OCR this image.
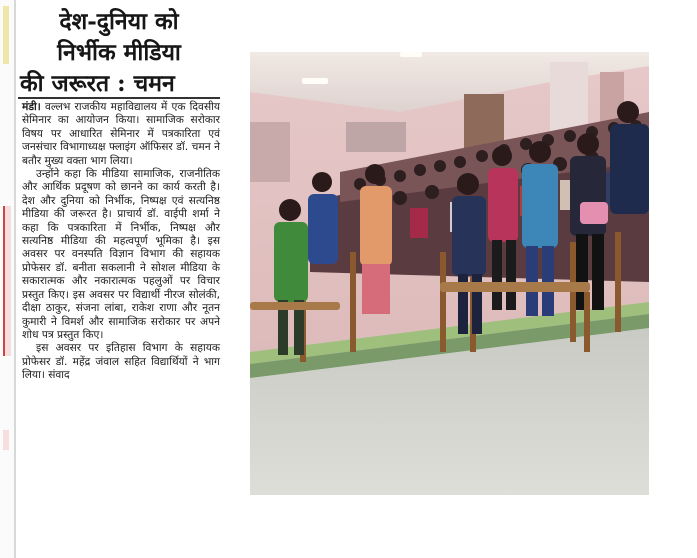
देश-दुनिया को
निर्भीक मीडिया
की जरूरत : चमन

मंडी। वल्लभ राजकीय महाविद्यालय में एक दिवसीय सेमिनार का आयोजन किया। सामाजिक सरोकार विषय पर आधारित सेमिनार में पत्रकारिता एवं जनसंचार विभागाध्यक्ष फ्लाइंग ऑफिसर डॉ. चमन ने बतौर मुख्य वक्ता भाग लिया।

उन्होंने कहा कि मीडिया सामाजिक, राजनीतिक और आर्थिक प्रदूषण को छानने का कार्य करती है। देश और दुनिया को निर्भीक, निष्पक्ष एवं सत्यनिष्ठ मीडिया की जरूरत है। प्राचार्य डॉ. वाईपी शर्मा ने कहा कि पत्रकारिता में निर्भीक, निष्पक्ष और सत्यनिष्ठ मीडिया की महत्वपूर्ण भूमिका है। इस अवसर पर वनस्पति विज्ञान विभाग की सहायक प्रोफेसर डॉ. बनीता सकलानी ने सोशल मीडिया के सकारात्मक और नकारात्मक पहलुओं पर विचार प्रस्तुत किए। इस अवसर पर विद्यार्थी नीरज सोलंकी, दीक्षा ठाकुर, संजना लांबा, राकेश राणा और नूतन कुमारी ने विमर्श और सामाजिक सरोकार पर अपने शोध पत्र प्रस्तुत किए।

इस अवसर पर इतिहास विभाग के सहायक प्रोफेसर डॉ. महेंद्र जंवाल सहित विद्यार्थियों ने भाग लिया। संवाद
